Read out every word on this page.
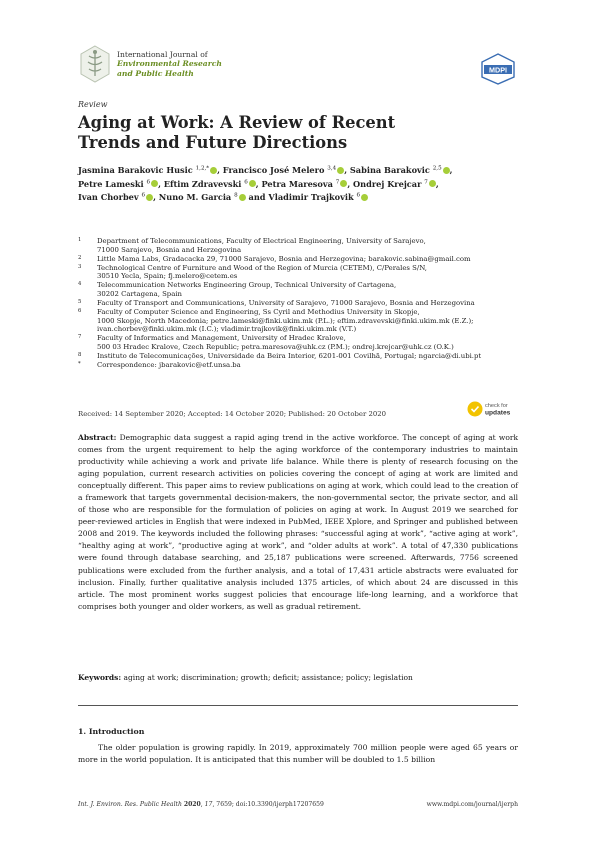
International Journal of
Environmental Research
and Public Health	MDPI
Review
Aging at Work: A Review of Recent Trends and Future Directions
Jasmina Barakovic Husic $^{1,2,*}$ , Francisco José Melero $^{3,4}$ , Sabina Barakovic $^{2,5}$ ,
Petre Lameski $^6$ , Eftim Zdravevski $^6$ , Petra Maresova $^7$ , Ondrej Krejcar $^7$ ,
Ivan Chorbev $^6$ , Nuno M. Garcia $^8$ and Vladimir Trajkovik $^6$
1 Department of Telecommunications, Faculty of Electrical Engineering, University of Sarajevo,
71000 Sarajevo, Bosnia and Herzegovina
2 Little Mama Labs, Gradacacka 29, 71000 Sarajevo, Bosnia and Herzegovina; barakovic.sabina@gmail.com
3 Technological Centre of Furniture and Wood of the Region of Murcia (CETEM), C/Perales S/N,
30510 Yecla, Spain; fj.melero@cetem.es
4 Telecommunication Networks Engineering Group, Technical University of Cartagena,
30202 Cartagena, Spain
5 Faculty of Transport and Communications, University of Sarajevo, 71000 Sarajevo, Bosnia and Herzegovina
6 Faculty of Computer Science and Engineering, Ss Cyril and Methodius University in Skopje,
1000 Skopje, North Macedonia; petre.lameski@finki.ukim.mk (P.L.); eftim.zdravevski@finki.ukim.mk (E.Z.);
ivan.chorbev@finki.ukim.mk (I.C.); vladimir.trajkovik@finki.ukim.mk (V.T.)
7 Faculty of Informatics and Management, University of Hradec Kralove,
500 03 Hradec Kralove, Czech Republic; petra.maresova@uhk.cz (P.M.); ondrej.krejcar@uhk.cz (O.K.)
8 Instituto de Telecomunicações, Universidade da Beira Interior, 6201-001 Covilhã, Portugal; ngarcia@di.ubi.pt
* Correspondence: jbarakovic@etf.unsa.ba
Received: 14 September 2020; Accepted: 14 October 2020; Published: 20 October 2020
check for
updates

Abstract: Demographic data suggest a rapid aging trend in the active workforce. The concept of aging at work comes from the urgent requirement to help the aging workforce of the contemporary industries to maintain productivity while achieving a work and private life balance. While there is plenty of research focusing on the aging population, current research activities on policies covering the concept of aging at work are limited and conceptually different. This paper aims to review publications on aging at work, which could lead to the creation of a framework that targets governmental decision-makers, the non-governmental sector, the private sector, and all of those who are responsible for the formulation of policies on aging at work. In August 2019 we searched for peer-reviewed articles in English that were indexed in PubMed, IEEE Xplore, and Springer and published between 2008 and 2019. The keywords included the following phrases: “successful aging at work”, “active aging at work”, “healthy aging at work”, “productive aging at work”, and “older adults at work”. A total of 47,330 publications were found through database searching, and 25,187 publications were screened. Afterwards, 7756 screened publications were excluded from the further analysis, and a total of 17,431 article abstracts were evaluated for inclusion. Finally, further qualitative analysis included 1375 articles, of which about 24 are discussed in this article. The most prominent works suggest policies that encourage life-long learning, and a workforce that comprises both younger and older workers, as well as gradual retirement.

Keywords: aging at work; discrimination; growth; deficit; assistance; policy; legislation

1. Introduction

The older population is growing rapidly. In 2019, approximately 700 million people were aged 65 years or more in the world population. It is anticipated that this number will be doubled to 1.5 billion

Int. J. Environ. Res. Public Health 2020, 17, 7659; doi:10.3390/ijerph17207659	www.mdpi.com/journal/ijerph
